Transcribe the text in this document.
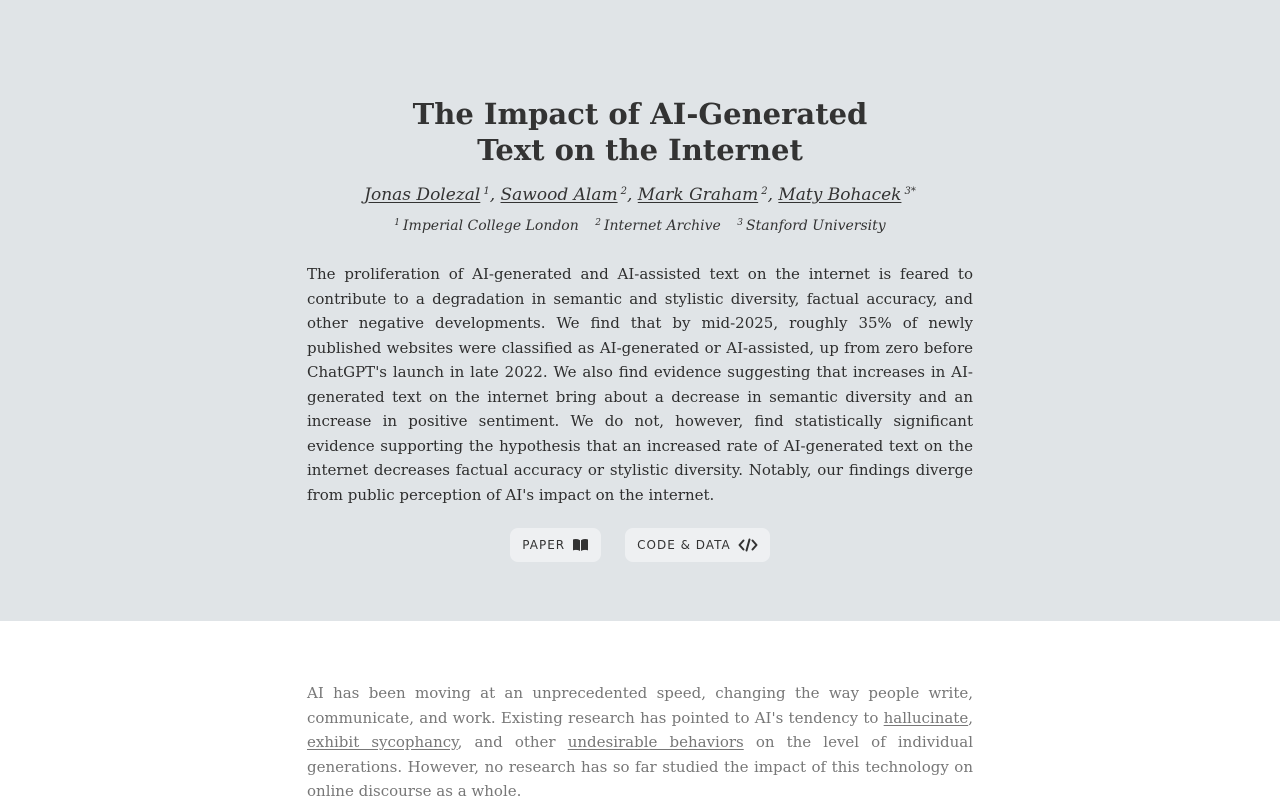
The Impact of AI-Generated
Text on the Internet
Jonas Dolezal $^1$, Sawood Alam $^2$, Mark Graham $^2$, Maty Bohacek $^{3*}$
$^1$ Imperial College London $^2$ Internet Archive $^3$ Stanford University

The proliferation of AI-generated and AI-assisted text on the internet is feared to contribute to a degradation in semantic and stylistic diversity, factual accuracy, and other negative developments. We find that by mid-2025, roughly 35% of newly published websites were classified as AI-generated or AI-assisted, up from zero before ChatGPT's launch in late 2022. We also find evidence suggesting that increases in AI-generated text on the internet bring about a decrease in semantic diversity and an increase in positive sentiment. We do not, however, find statistically significant evidence supporting the hypothesis that an increased rate of AI-generated text on the internet decreases factual accuracy or stylistic diversity. Notably, our findings diverge from public perception of AI's impact on the internet.

PAPER
	CODE & DATA

AI has been moving at an unprecedented speed, changing the way people write, communicate, and work. Existing research has pointed to AI's tendency to hallucinate, exhibit sycophancy, and other undesirable behaviors on the level of individual generations. However, no research has so far studied the impact of this technology on online discourse as a whole.
